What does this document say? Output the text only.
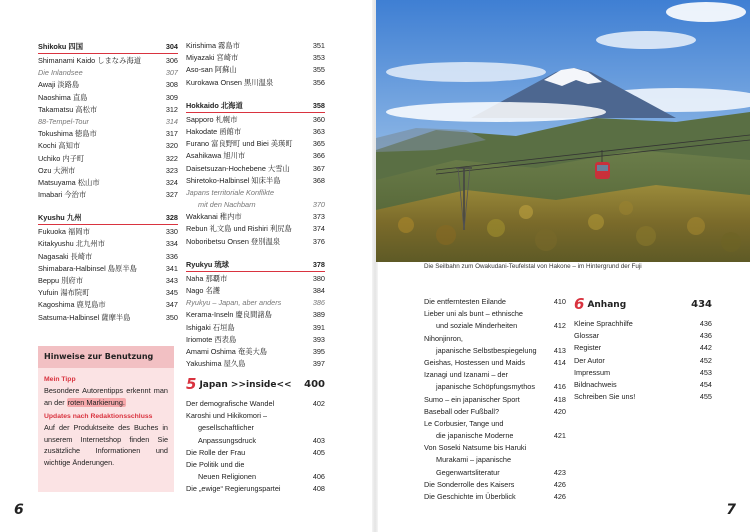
Shikoku 四国	304
Shimanami Kaido しまなみ海道	306
Die Inlandsee	307
Awaji 淡路島	308
Naoshima 直島	309
Takamatsu 高松市	312
88-Tempel-Tour	314
Tokushima 徳島市	317
Kochi 高知市	320
Uchiko 内子町	322
Ozu 大洲市	323
Matsuyama 松山市	324
Imabari 今治市	327
Kyushu 九州	328
Fukuoka 福岡市	330
Kitakyushu 北九州市	334
Nagasaki 長崎市	336
Shimabara-Halbinsel 島原半島	341
Beppu 別府市	343
Yufuin 湯布院町	345
Kagoshima 鹿児島市	347
Satsuma-Halbinsel 薩摩半島	350
Kirishima 霧島市	351
Miyazaki 宮崎市	353
Aso-san 阿蘇山	355
Kurokawa Onsen 黒川温泉	356
Hokkaido 北海道	358
Sapporo 札幌市	360
Hakodate 函館市	363
Furano 富良野町 und Biei 美瑛町	365
Asahikawa 旭川市	366
Daisetsuzan-Hochebene 大雪山	367
Shiretoko-Halbinsel 知床半島	368
Japans territoriale Konflikte
mit den Nachbarn	370
Wakkanai 稚内市	373
Rebun 礼文島 und Rishiri 利尻島	374
Noboribetsu Onsen 登別温泉	376
Ryukyu 琉球	378
Naha 那覇市	380
Nago 名護	384
Ryukyu – Japan, aber anders	386
Kerama-Inseln 慶良間諸島	389
Ishigaki 石垣島	391
Iriomote 西表島	393
Amami Oshima 奄美大島	395
Yakushima 屋久島	397
5 Japan >>inside<<	400
Der demografische Wandel	402
Karoshi und Hikikomori –
gesellschaftlicher
Anpassungsdruck	403
Die Rolle der Frau	405
Die Politik und die
Neuen Religionen	406
Die „ewige“ Regierungspartei	408
Hinweise zur Benutzung
Mein Tipp
Besondere Autorentipps erkennt man an der roten Markierung.
Updates nach Redaktionsschluss
Auf der Produktseite des Buches in unserem Internetshop finden Sie zusätzliche Informationen und wichtige Änderungen.
6	7
Die Seilbahn zum Owakudani-Teufelstal von Hakone – im Hintergrund der Fuji
Die entferntesten Eilande	410
Lieber uni als bunt – ethnische
und soziale Minderheiten	412
Nihonjinron,
japanische Selbstbespiegelung	413
Geishas, Hostessen und Maids	414
Izanagi und Izanami – der
japanische Schöpfungsmythos	416
Sumo – ein japanischer Sport	418
Baseball oder Fußball?	420
Le Corbusier, Tange und
die japanische Moderne	421
Von Soseki Natsume bis Haruki
Murakami – japanische
Gegenwartsliteratur	423
Die Sonderrolle des Kaisers	426
Die Geschichte im Überblick	426
6 Anhang	434
Kleine Sprachhilfe	436
Glossar	436
Register	442
Der Autor	452
Impressum	453
Bildnachweis	454
Schreiben Sie uns!	455
